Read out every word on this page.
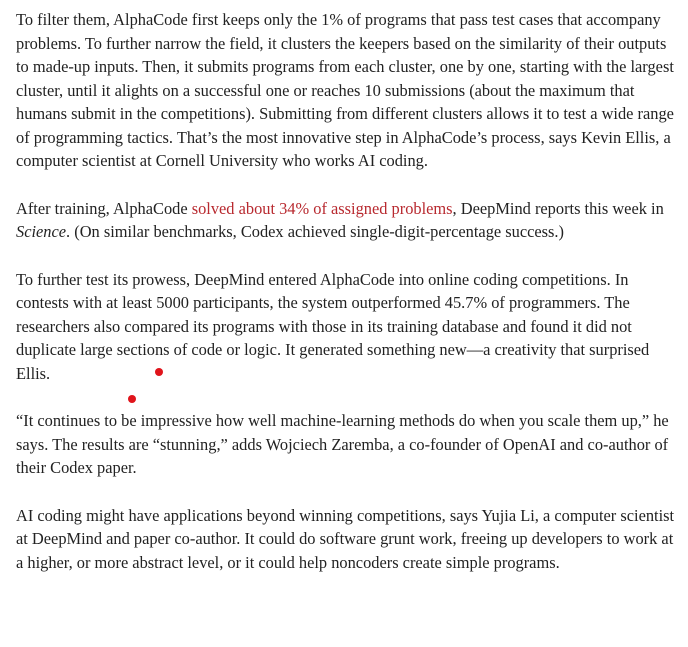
To filter them, AlphaCode first keeps only the 1% of programs that pass test cases that accompany problems. To further narrow the field, it clusters the keepers based on the similarity of their outputs to made-up inputs. Then, it submits programs from each cluster, one by one, starting with the largest cluster, until it alights on a successful one or reaches 10 submissions (about the maximum that humans submit in the competitions). Submitting from different clusters allows it to test a wide range of programming tactics. That’s the most innovative step in AlphaCode’s process, says Kevin Ellis, a computer scientist at Cornell University who works AI coding.

After training, AlphaCode solved about 34% of assigned problems, DeepMind reports this week in Science. (On similar benchmarks, Codex achieved single-digit-percentage success.)

To further test its prowess, DeepMind entered AlphaCode into online coding competitions. In contests with at least 5000 participants, the system outperformed 45.7% of programmers. The researchers also compared its programs with those in its training database and found it did not duplicate large sections of code or logic. It generated something new—a creativity that surprised Ellis.

“It continues to be impressive how well machine-learning methods do when you scale them up,” he says. The results are “stunning,” adds Wojciech Zaremba, a co-founder of OpenAI and co-author of their Codex paper.

AI coding might have applications beyond winning competitions, says Yujia Li, a computer scientist at DeepMind and paper co-author. It could do software grunt work, freeing up developers to work at a higher, or more abstract level, or it could help noncoders create simple programs.
